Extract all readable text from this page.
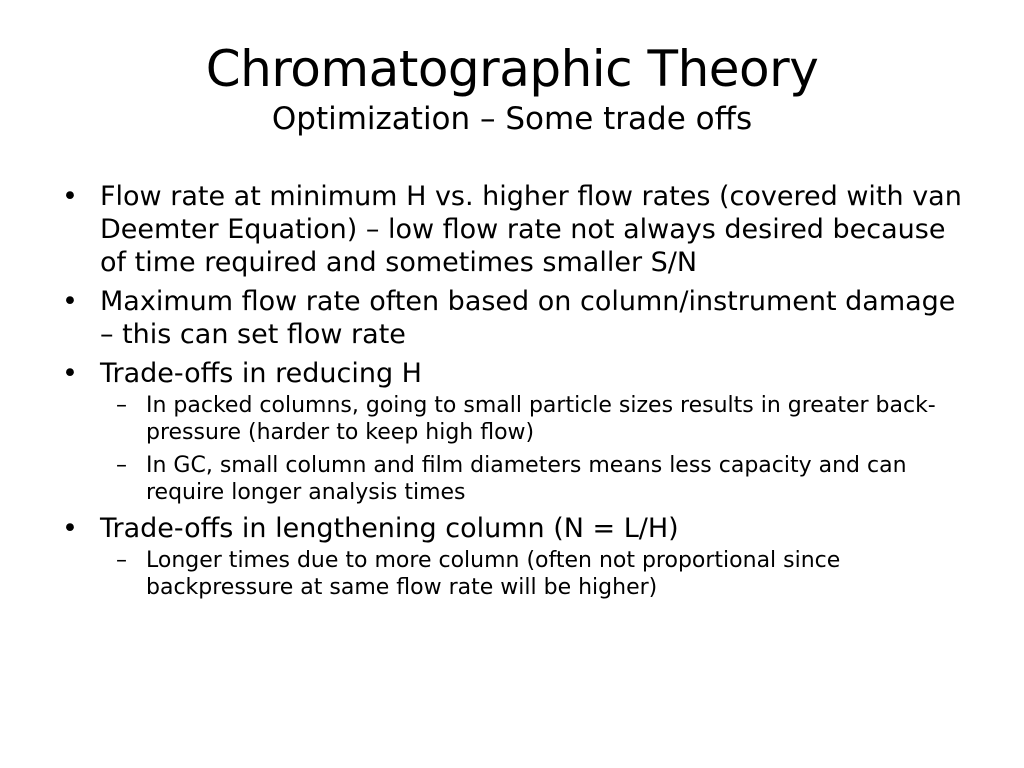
Chromatographic Theory
Optimization – Some trade offs
• Flow rate at minimum H vs. higher flow rates (covered with van Deemter Equation) – low flow rate not always desired because of time required and sometimes smaller S/N
• Maximum flow rate often based on column/instrument damage – this can set flow rate
• Trade-offs in reducing H
– In packed columns, going to small particle sizes results in greater back-pressure (harder to keep high flow)
– In GC, small column and film diameters means less capacity and can require longer analysis times
• Trade-offs in lengthening column (N = L/H)
– Longer times due to more column (often not proportional since backpressure at same flow rate will be higher)
